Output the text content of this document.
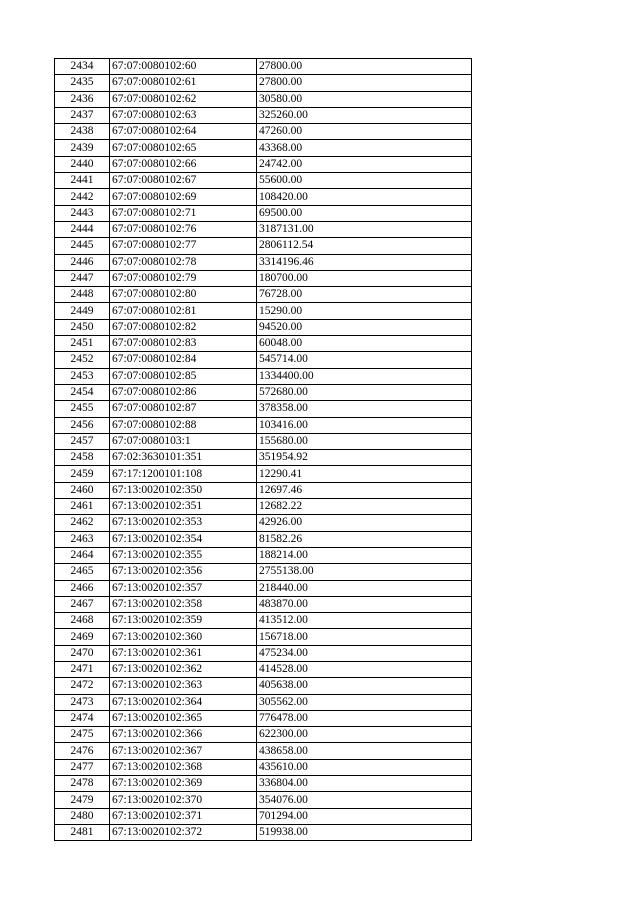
2434	67:07:0080102:60	27800.00
2435	67:07:0080102:61	27800.00
2436	67:07:0080102:62	30580.00
2437	67:07:0080102:63	325260.00
2438	67:07:0080102:64	47260.00
2439	67:07:0080102:65	43368.00
2440	67:07:0080102:66	24742.00
2441	67:07:0080102:67	55600.00
2442	67:07:0080102:69	108420.00
2443	67:07:0080102:71	69500.00
2444	67:07:0080102:76	3187131.00
2445	67:07:0080102:77	2806112.54
2446	67:07:0080102:78	3314196.46
2447	67:07:0080102:79	180700.00
2448	67:07:0080102:80	76728.00
2449	67:07:0080102:81	15290.00
2450	67:07:0080102:82	94520.00
2451	67:07:0080102:83	60048.00
2452	67:07:0080102:84	545714.00
2453	67:07:0080102:85	1334400.00
2454	67:07:0080102:86	572680.00
2455	67:07:0080102:87	378358.00
2456	67:07:0080102:88	103416.00
2457	67:07:0080103:1	155680.00
2458	67:02:3630101:351	351954.92
2459	67:17:1200101:108	12290.41
2460	67:13:0020102:350	12697.46
2461	67:13:0020102:351	12682.22
2462	67:13:0020102:353	42926.00
2463	67:13:0020102:354	81582.26
2464	67:13:0020102:355	188214.00
2465	67:13:0020102:356	2755138.00
2466	67:13:0020102:357	218440.00
2467	67:13:0020102:358	483870.00
2468	67:13:0020102:359	413512.00
2469	67:13:0020102:360	156718.00
2470	67:13:0020102:361	475234.00
2471	67:13:0020102:362	414528.00
2472	67:13:0020102:363	405638.00
2473	67:13:0020102:364	305562.00
2474	67:13:0020102:365	776478.00
2475	67:13:0020102:366	622300.00
2476	67:13:0020102:367	438658.00
2477	67:13:0020102:368	435610.00
2478	67:13:0020102:369	336804.00
2479	67:13:0020102:370	354076.00
2480	67:13:0020102:371	701294.00
2481	67:13:0020102:372	519938.00
